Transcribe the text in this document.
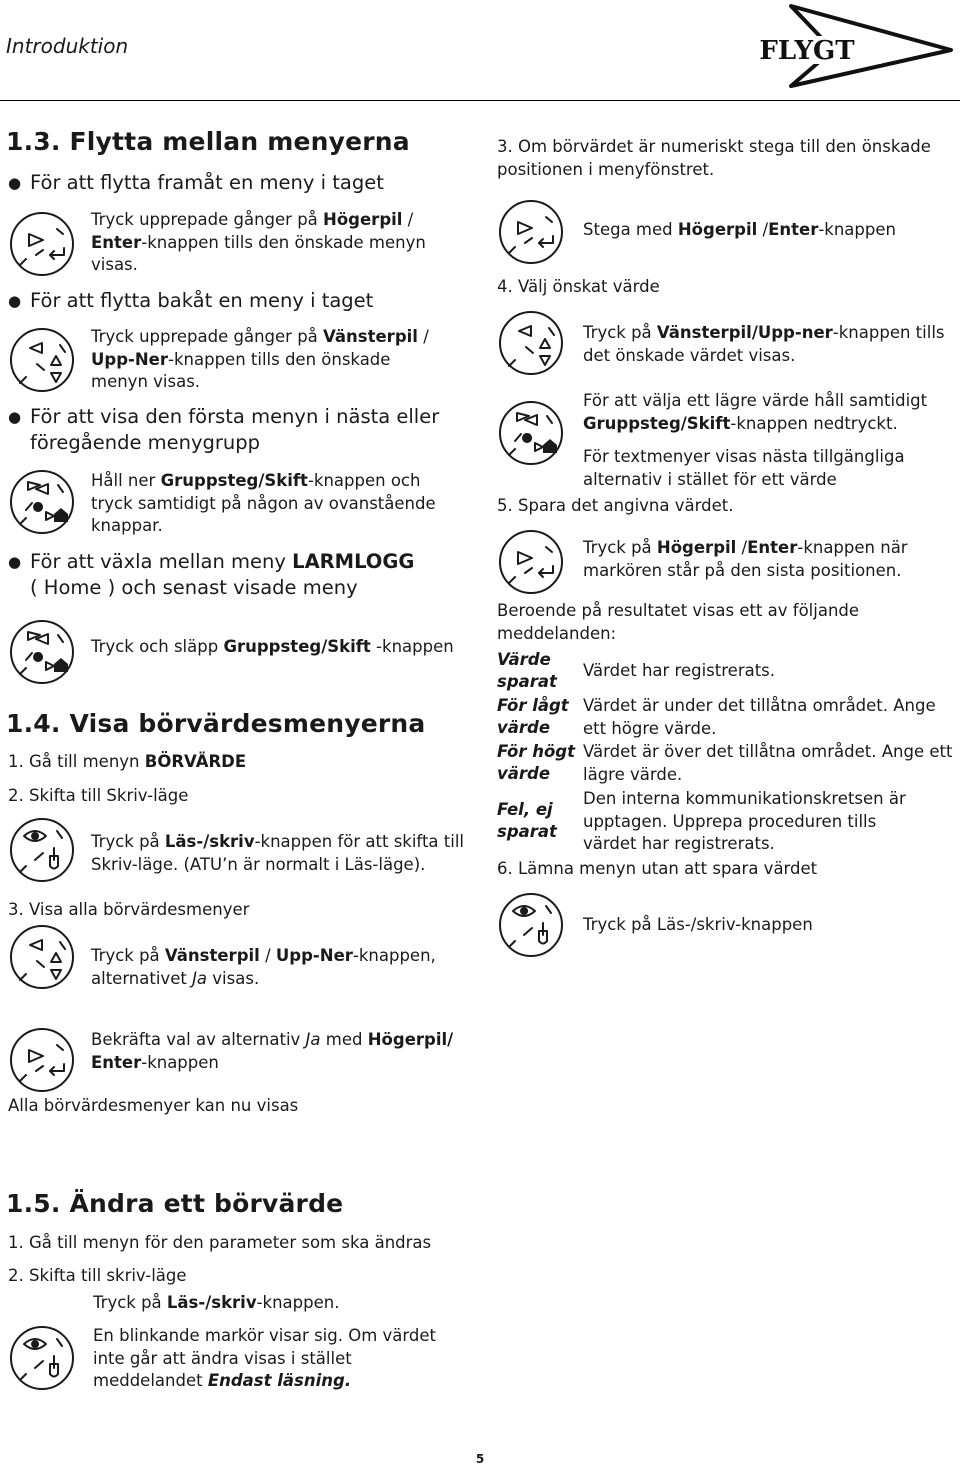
Introduktion	FLYGT
1.3. Flytta mellan menyerna
● För att flytta framåt en meny i taget
Tryck upprepade gånger på Högerpil / Enter-knappen tills den önskade menyn visas.
● För att flytta bakåt en meny i taget
Tryck upprepade gånger på Vänsterpil / Upp-Ner-knappen tills den önskade menyn visas.
● För att visa den första menyn i nästa eller föregående menygrupp
Håll ner Gruppsteg/Skift-knappen och tryck samtidigt på någon av ovanstående knappar.
● För att växla mellan meny LARMLOGG
( Home ) och senast visade meny
Tryck och släpp Gruppsteg/Skift -knappen
1.4. Visa börvärdesmenyerna
1. Gå till menyn BÖRVÄRDE
2. Skifta till Skriv-läge
Tryck på Läs-/skriv-knappen för att skifta till Skriv-läge. (ATU’n är normalt i Läs-läge).
3. Visa alla börvärdesmenyer
Tryck på Vänsterpil / Upp-Ner-knappen, alternativet Ja visas.
Bekräfta val av alternativ Ja med Högerpil/ Enter-knappen
Alla börvärdesmenyer kan nu visas
1.5. Ändra ett börvärde
1. Gå till menyn för den parameter som ska ändras
2. Skifta till skriv-läge
Tryck på Läs-/skriv-knappen.
En blinkande markör visar sig. Om värdet inte går att ändra visas i stället meddelandet Endast läsning.
3. Om börvärdet är numeriskt stega till den önskade positionen i menyfönstret.
Stega med Högerpil /Enter-knappen
4. Välj önskat värde
Tryck på Vänsterpil/Upp-ner-knappen tills det önskade värdet visas.
För att välja ett lägre värde håll samtidigt Gruppsteg/Skift-knappen nedtryckt.
För textmenyer visas nästa tillgängliga alternativ i stället för ett värde
5. Spara det angivna värdet.
Tryck på Högerpil /Enter-knappen när markören står på den sista positionen.
Beroende på resultatet visas ett av följande meddelanden:
Värde sparat
Värdet har registrerats.
För lågt värde
Värdet är under det tillåtna området. Ange ett högre värde.
För högt värde
Värdet är över det tillåtna området. Ange ett lägre värde.
Fel, ej sparat
Den interna kommunikationskretsen är upptagen. Upprepa proceduren tills värdet har registrerats.
6. Lämna menyn utan att spara värdet
Tryck på Läs-/skriv-knappen
5
